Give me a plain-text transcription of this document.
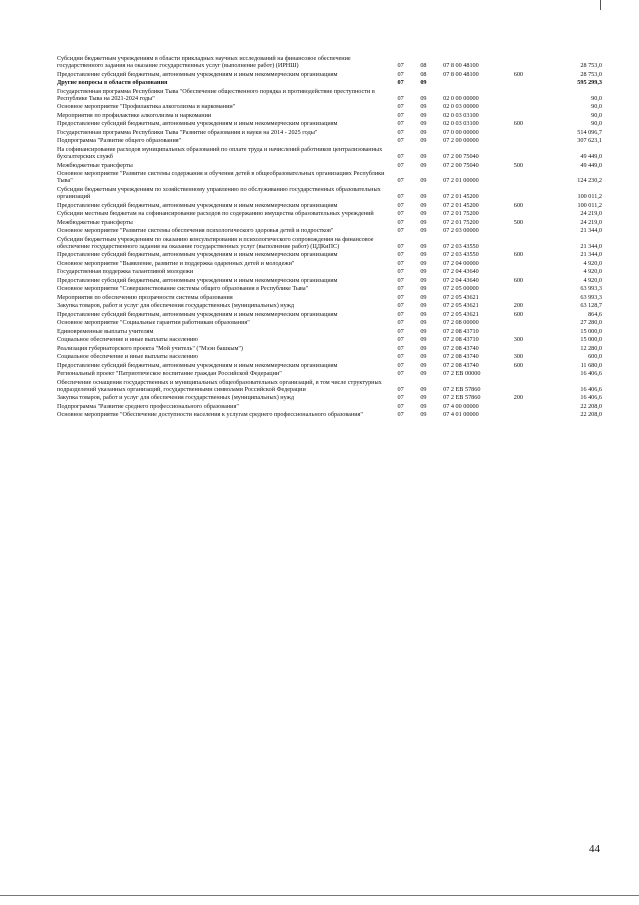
Субсидии бюджетным учреждениям в области прикладных научных исследований на финансовое обеспечение государственного задания на оказание государственных услуг (выполнение работ) (ИРНШ)	07	08	07 8 00 48100		28 753,0
Предоставление субсидий бюджетным, автономным учреждениям и иным некоммерческим организациям	07	08	07 8 00 48100	600	28 753,0
Другие вопросы в области образования	07	09			595 299,3
Государственная программа Республики Тыва "Обеспечение общественного порядка и противодействие преступности в Республике Тыва на 2021-2024 годы"	07	09	02 0 00 00000		90,0
Основное мероприятие "Профилактика алкоголизма и наркомании"	07	09	02 0 03 00000		90,0
Мероприятия по профилактике алкоголизма и наркомании	07	09	02 0 03 03100		90,0
Предоставление субсидий бюджетным, автономным учреждениям и иным некоммерческим организациям	07	09	02 0 03 03100	600	90,0
Государственная программа Республики Тыва "Развитие образования и науки на 2014 - 2025 годы"	07	09	07 0 00 00000		514 096,7
Подпрограмма "Развитие общего образования"	07	09	07 2 00 00000		307 623,1
На софинансирование расходов муниципальных образований по оплате труда и начислений работников централизованных бухгалтерских служб	07	09	07 2 00 75040		49 449,0
Межбюджетные трансферты	07	09	07 2 00 75040	500	49 449,0
Основное мероприятие "Развитие системы содержания и обучения детей в общеобразовательных организациях Республики Тыва"	07	09	07 2 01 00000		124 230,2
Субсидии бюджетным учреждениям по хозяйственному управлению по обслуживанию государственных образовательных организаций	07	09	07 2 01 45200		100 011,2
Предоставление субсидий бюджетным, автономным учреждениям и иным некоммерческим организациям	07	09	07 2 01 45200	600	100 011,2
Субсидии местным бюджетам на софинансирование расходов по содержанию имущества образовательных учреждений	07	09	07 2 01 75200		24 219,0
Межбюджетные трансферты	07	09	07 2 01 75200	500	24 219,0
Основное мероприятие "Развитие системы обеспечения психологического здоровья детей и подростков"	07	09	07 2 03 00000		21 344,0
Субсидии бюджетным учреждениям по оказанию консультирования и психологического сопровождения на финансовое обеспечение государственного задания на оказание государственных услуг (выполнение работ) (ЦДКиПС)	07	09	07 2 03 43550		21 344,0
Предоставление субсидий бюджетным, автономным учреждениям и иным некоммерческим организациям	07	09	07 2 03 43550	600	21 344,0
Основное мероприятие "Выявление, развитие и поддержка одаренных детей и молодежи"	07	09	07 2 04 00000		4 920,0
Государственная поддержка талантливой молодежи	07	09	07 2 04 43640		4 920,0
Предоставление субсидий бюджетным, автономным учреждениям и иным некоммерческим организациям	07	09	07 2 04 43640	600	4 920,0
Основное мероприятие "Совершенствование системы общего образования в Республике Тыва"	07	09	07 2 05 00000		63 993,3
Мероприятия по обеспечению прозрачности системы образования	07	09	07 2 05 43621		63 993,3
Закупка товаров, работ и услуг для обеспечения государственных (муниципальных) нужд	07	09	07 2 05 43621	200	63 128,7
Предоставление субсидий бюджетным, автономным учреждениям и иным некоммерческим организациям	07	09	07 2 05 43621	600	864,6
Основное мероприятие "Социальные гарантии работникам образования"	07	09	07 2 08 00000		27 280,0
Единовременные выплаты учителям	07	09	07 2 08 43710		15 000,0
Социальное обеспечение и иные выплаты населению	07	09	07 2 08 43710	300	15 000,0
Реализация губернаторского проекта "Мой учитель" ("Мээн башкым")	07	09	07 2 08 43740		12 280,0
Социальное обеспечение и иные выплаты населению	07	09	07 2 08 43740	300	600,0
Предоставление субсидий бюджетным, автономным учреждениям и иным некоммерческим организациям	07	09	07 2 08 43740	600	11 680,0
Региональный проект "Патриотическое воспитание граждан Российской Федерации"	07	09	07 2 ЕВ 00000		16 406,6
Обеспечение оснащения государственных и муниципальных общеобразовательных организаций, в том числе структурных подразделений указанных организаций, государственными символами Российской Федерации	07	09	07 2 ЕВ 57860		16 406,6
Закупка товаров, работ и услуг для обеспечения государственных (муниципальных) нужд	07	09	07 2 ЕВ 57860	200	16 406,6
Подпрограмма "Развитие среднего профессионального образования"	07	09	07 4 00 00000		22 208,0
Основное мероприятие "Обеспечение доступности населения к услугам среднего профессионального образования"	07	09	07 4 01 00000		22 208,0
44
